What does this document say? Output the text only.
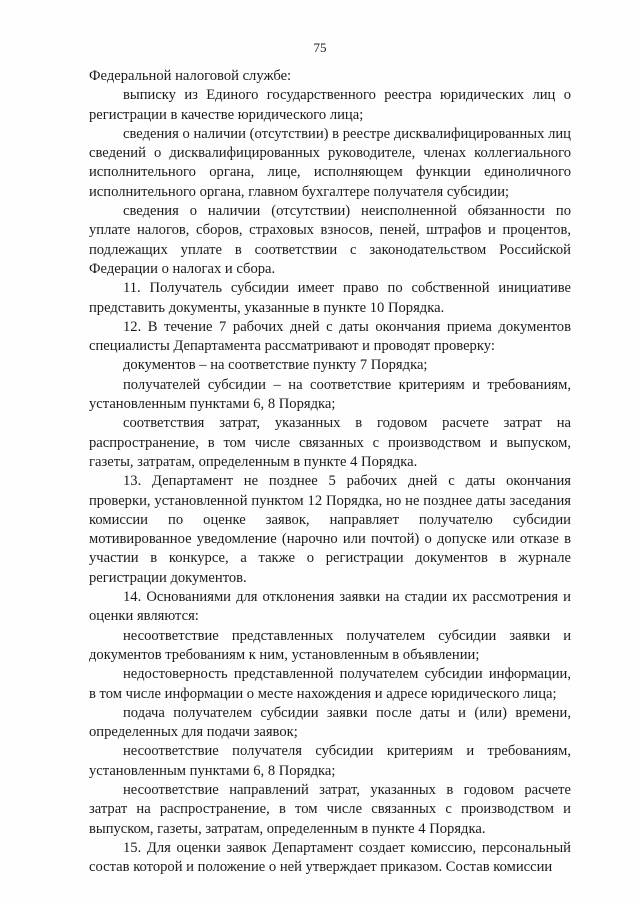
75

Федеральной налоговой службе:

выписку из Единого государственного реестра юридических лиц о регистрации в качестве юридического лица;

сведения о наличии (отсутствии) в реестре дисквалифицированных лиц сведений о дисквалифицированных руководителе, членах коллегиального исполнительного органа, лице, исполняющем функции единоличного исполнительного органа, главном бухгалтере получателя субсидии;

сведения о наличии (отсутствии) неисполненной обязанности по уплате налогов, сборов, страховых взносов, пеней, штрафов и процентов, подлежащих уплате в соответствии с законодательством Российской Федерации о налогах и сбора.

11. Получатель субсидии имеет право по собственной инициативе представить документы, указанные в пункте 10 Порядка.

12. В течение 7 рабочих дней с даты окончания приема документов специалисты Департамента рассматривают и проводят проверку:

документов – на соответствие пункту 7 Порядка;

получателей субсидии – на соответствие критериям и требованиям, установленным пунктами 6, 8 Порядка;

соответствия затрат, указанных в годовом расчете затрат на распространение, в том числе связанных с производством и выпуском, газеты, затратам, определенным в пункте 4 Порядка.

13. Департамент не позднее 5 рабочих дней с даты окончания проверки, установленной пунктом 12 Порядка, но не позднее даты заседания комиссии по оценке заявок, направляет получателю субсидии мотивированное уведомление (нарочно или почтой) о допуске или отказе в участии в конкурсе, а также о регистрации документов в журнале регистрации документов.

14. Основаниями для отклонения заявки на стадии их рассмотрения и оценки являются:

несоответствие представленных получателем субсидии заявки и документов требованиям к ним, установленным в объявлении;

недостоверность представленной получателем субсидии информации, в том числе информации о месте нахождения и адресе юридического лица;

подача получателем субсидии заявки после даты и (или) времени, определенных для подачи заявок;

несоответствие получателя субсидии критериям и требованиям, установленным пунктами 6, 8 Порядка;

несоответствие направлений затрат, указанных в годовом расчете затрат на распространение, в том числе связанных с производством и выпуском, газеты, затратам, определенным в пункте 4 Порядка.

15. Для оценки заявок Департамент создает комиссию, персональный состав которой и положение о ней утверждает приказом. Состав комиссии
